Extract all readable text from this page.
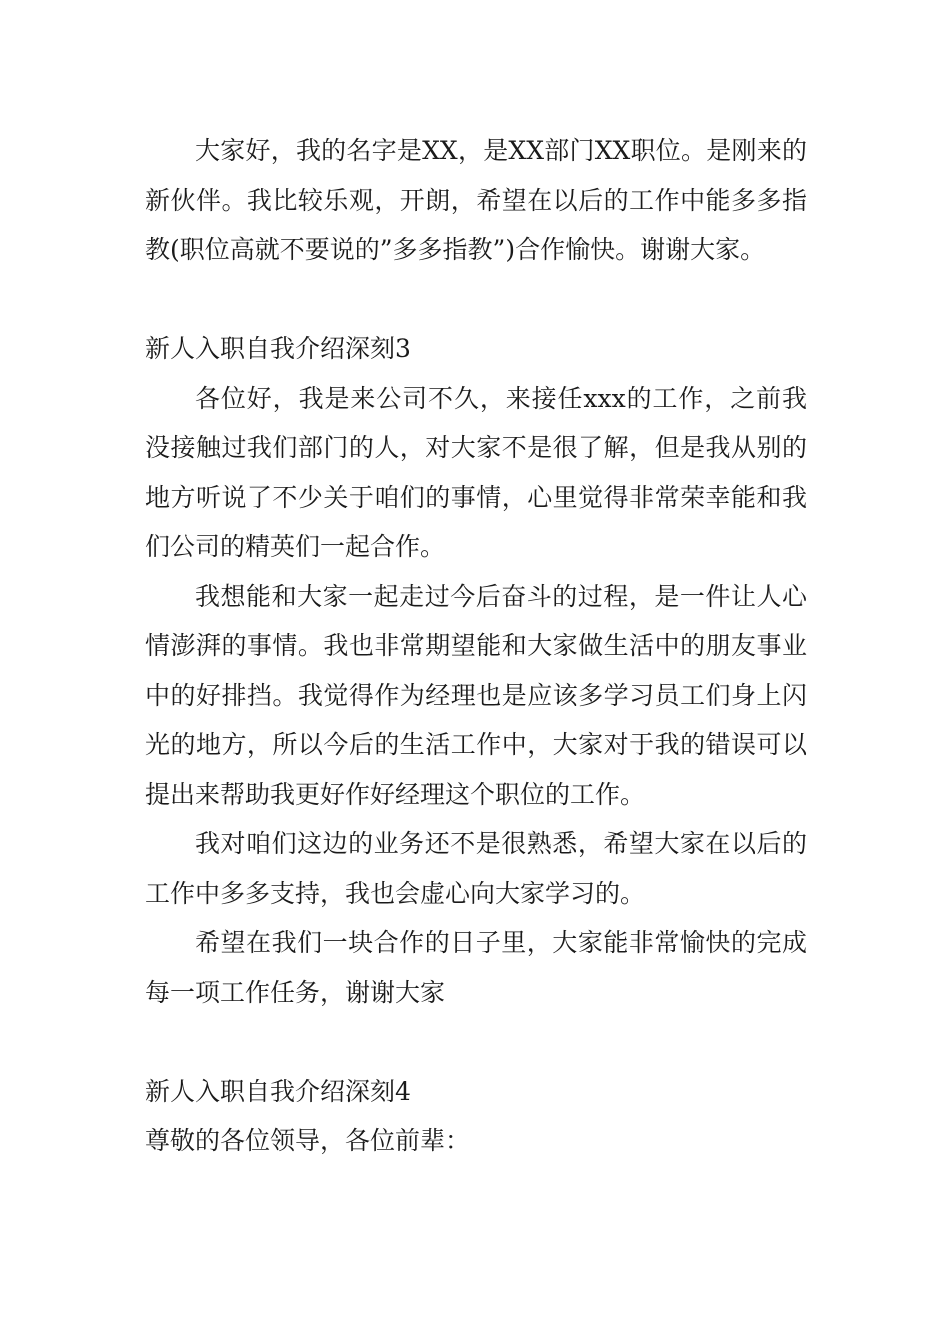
大家好，我的名字是XX，是XX部门XX职位。是刚来的新伙伴。我比较乐观，开朗，希望在以后的工作中能多多指教(职位高就不要说的”多多指教”)合作愉快。谢谢大家。

新人入职自我介绍深刻3

各位好，我是来公司不久，来接任xxx的工作，之前我没接触过我们部门的人，对大家不是很了解，但是我从别的地方听说了不少关于咱们的事情，心里觉得非常荣幸能和我们公司的精英们一起合作。

我想能和大家一起走过今后奋斗的过程，是一件让人心情澎湃的事情。我也非常期望能和大家做生活中的朋友事业中的好排挡。我觉得作为经理也是应该多学习员工们身上闪光的地方，所以今后的生活工作中，大家对于我的错误可以提出来帮助我更好作好经理这个职位的工作。

我对咱们这边的业务还不是很熟悉，希望大家在以后的工作中多多支持，我也会虚心向大家学习的。

希望在我们一块合作的日子里，大家能非常愉快的完成每一项工作任务，谢谢大家

新人入职自我介绍深刻4

尊敬的各位领导，各位前辈：
